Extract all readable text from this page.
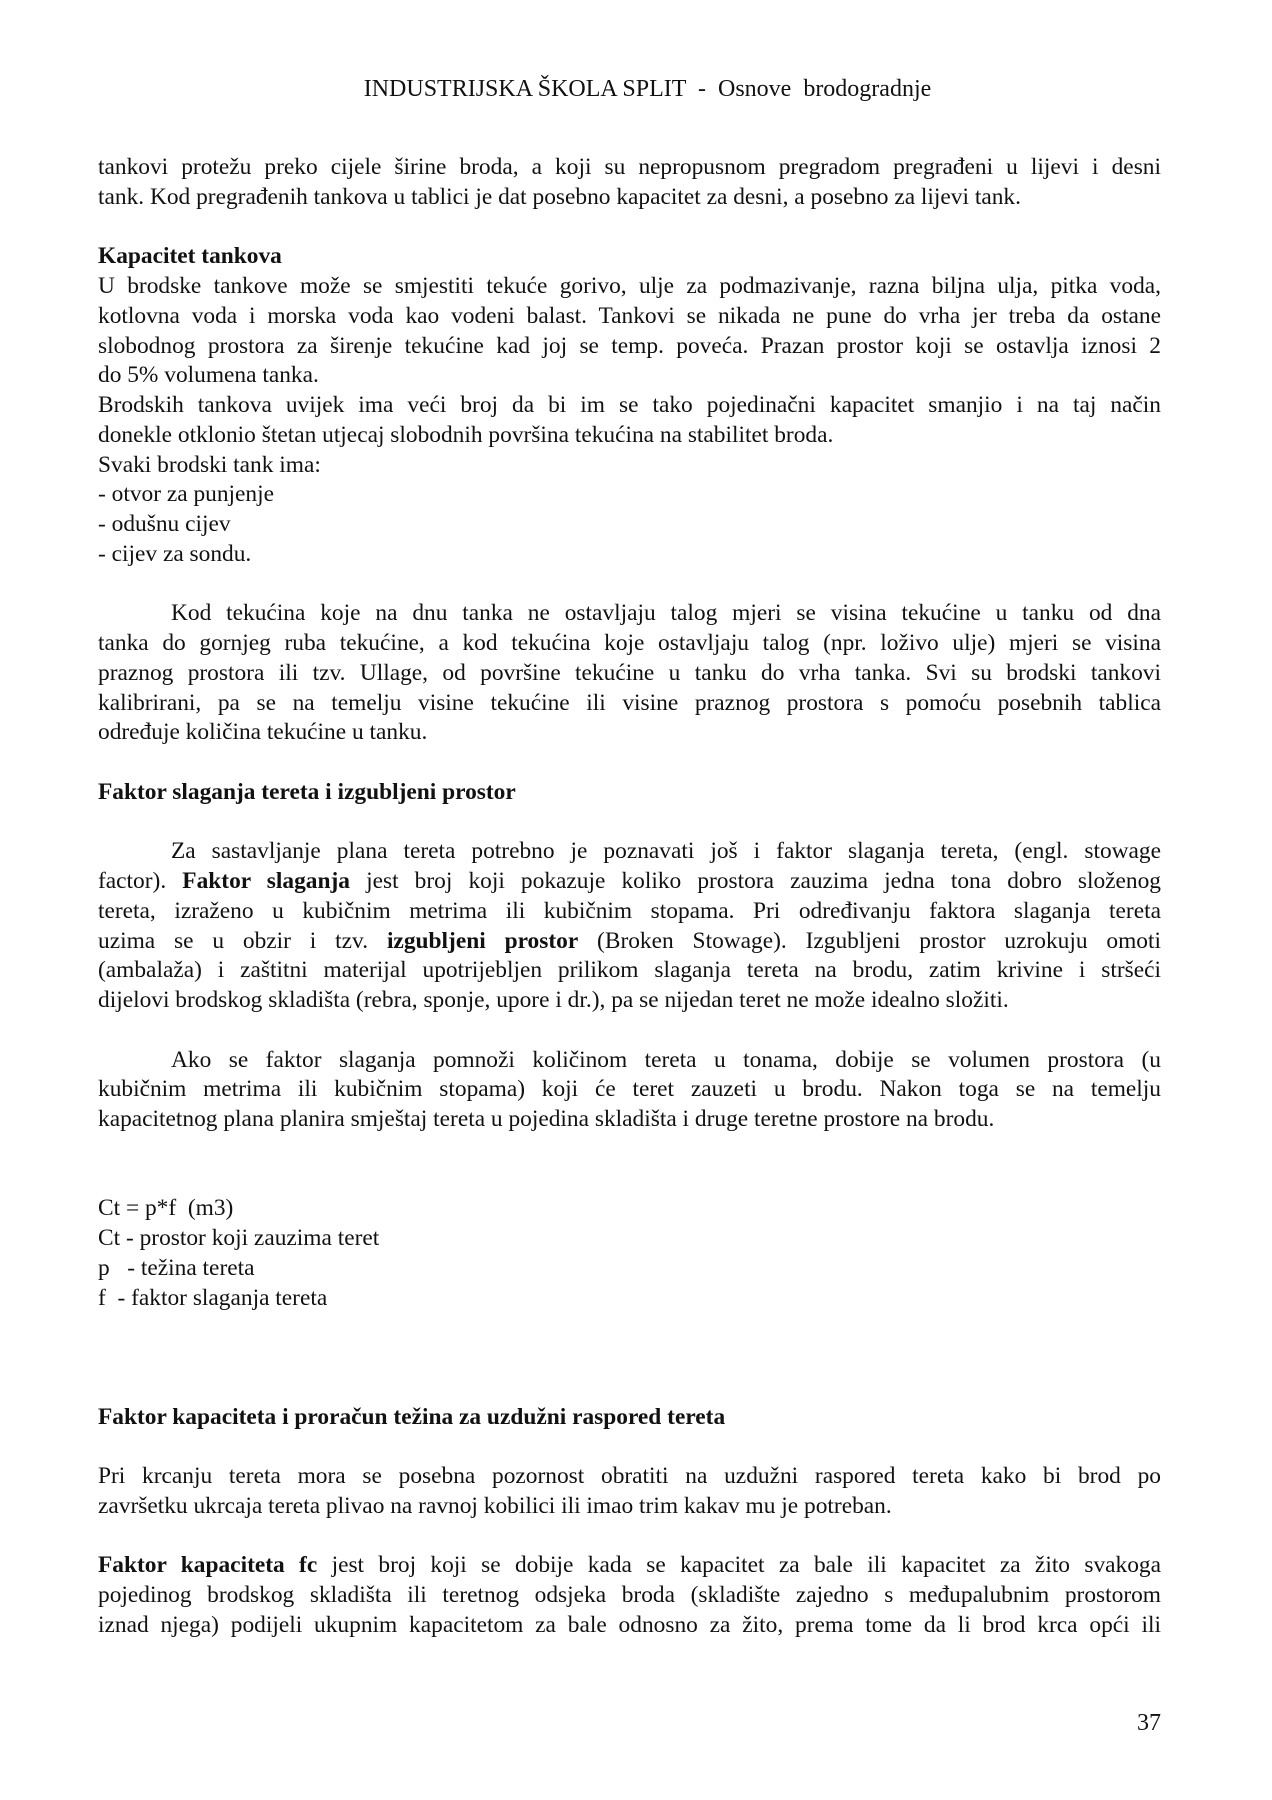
INDUSTRIJSKA ŠKOLA SPLIT  -  Osnove  brodogradnje
tankovi protežu preko cijele širine broda, a koji su nepropusnom pregradom pregrađeni u lijevi i desni
tank. Kod pregrađenih tankova u tablici je dat posebno kapacitet za desni, a posebno za lijevi tank.
Kapacitet tankova
U brodske tankove može se smjestiti tekuće gorivo, ulje za podmazivanje, razna biljna ulja, pitka voda,
kotlovna voda i morska voda kao vodeni balast. Tankovi se nikada ne pune do vrha jer treba da ostane
slobodnog prostora za širenje tekućine kad joj se temp. poveća. Prazan prostor koji se ostavlja iznosi 2
do 5% volumena tanka.
Brodskih tankova uvijek ima veći broj da bi im se tako pojedinačni kapacitet smanjio i na taj način
donekle otklonio štetan utjecaj slobodnih površina tekućina na stabilitet broda.
Svaki brodski tank ima:
- otvor za punjenje
- odušnu cijev
- cijev za sondu.
Kod tekućina koje na dnu tanka ne ostavljaju talog mjeri se visina tekućine u tanku od dna
tanka do gornjeg ruba tekućine, a kod tekućina koje ostavljaju talog (npr. loživo ulje) mjeri se visina
praznog prostora ili tzv. Ullage, od površine tekućine u tanku do vrha tanka. Svi su brodski tankovi
kalibrirani, pa se na temelju visine tekućine ili visine praznog prostora s pomoću posebnih tablica
određuje količina tekućine u tanku.
Faktor slaganja tereta i izgubljeni prostor
Za sastavljanje plana tereta potrebno je poznavati još i faktor slaganja tereta, (engl. stowage
factor). Faktor slaganja jest broj koji pokazuje koliko prostora zauzima jedna tona dobro složenog
tereta, izraženo u kubičnim metrima ili kubičnim stopama. Pri određivanju faktora slaganja tereta
uzima se u obzir i tzv. izgubljeni prostor (Broken Stowage). Izgubljeni prostor uzrokuju omoti
(ambalaža) i zaštitni materijal upotrijebljen prilikom slaganja tereta na brodu, zatim krivine i stršeći
dijelovi brodskog skladišta (rebra, sponje, upore i dr.), pa se nijedan teret ne može idealno složiti.
Ako se faktor slaganja pomnoži količinom tereta u tonama, dobije se volumen prostora (u
kubičnim metrima ili kubičnim stopama) koji će teret zauzeti u brodu. Nakon toga se na temelju
kapacitetnog plana planira smještaj tereta u pojedina skladišta i druge teretne prostore na brodu.
Ct = p*f  (m3)
Ct - prostor koji zauzima teret
p   - težina tereta
f  - faktor slaganja tereta
Faktor kapaciteta i proračun težina za uzdužni raspored tereta
Pri krcanju tereta mora se posebna pozornost obratiti na uzdužni raspored tereta kako bi brod po
završetku ukrcaja tereta plivao na ravnoj kobilici ili imao trim kakav mu je potreban.
Faktor kapaciteta fc jest broj koji se dobije kada se kapacitet za bale ili kapacitet za žito svakoga
pojedinog brodskog skladišta ili teretnog odsjeka broda (skladište zajedno s međupalubnim prostorom
iznad njega) podijeli ukupnim kapacitetom za bale odnosno za žito, prema tome da li brod krca opći ili
37
